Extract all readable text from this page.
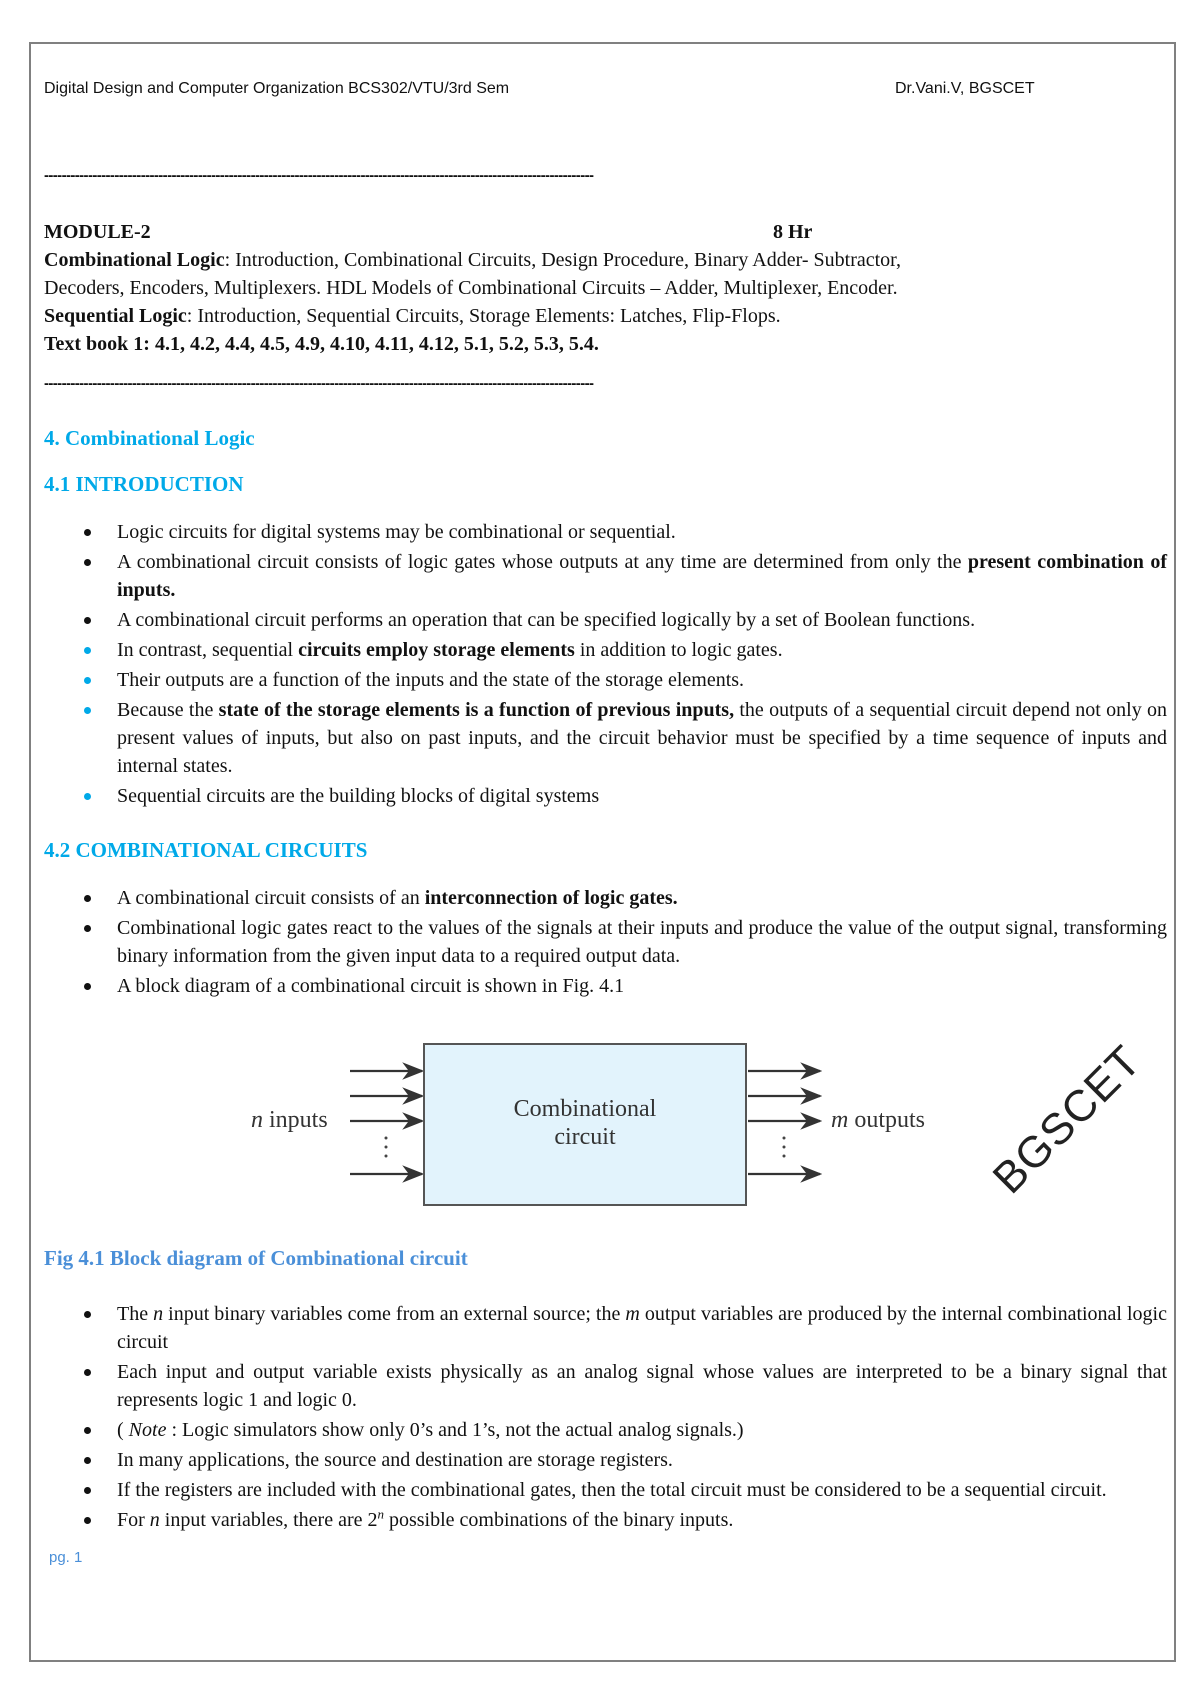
Digital Design and Computer Organization BCS302/VTU/3rd Sem	Dr.Vani.V, BGSCET
-----------------------------------------------------------------------------------------------------------------------------
MODULE-2	8 Hr
Combinational Logic: Introduction, Combinational Circuits, Design Procedure, Binary Adder- Subtractor,
Decoders, Encoders, Multiplexers. HDL Models of Combinational Circuits – Adder, Multiplexer, Encoder.
Sequential Logic: Introduction, Sequential Circuits, Storage Elements: Latches, Flip-Flops.
Text book 1: 4.1, 4.2, 4.4, 4.5, 4.9, 4.10, 4.11, 4.12, 5.1, 5.2, 5.3, 5.4.
-----------------------------------------------------------------------------------------------------------------------------
4. Combinational Logic
4.1 INTRODUCTION
Logic circuits for digital systems may be combinational or sequential.
A combinational circuit consists of logic gates whose outputs at any time are determined from only the present combination of inputs.
A combinational circuit performs an operation that can be specified logically by a set of Boolean functions.
In contrast, sequential circuits employ storage elements in addition to logic gates.
Their outputs are a function of the inputs and the state of the storage elements.
Because the state of the storage elements is a function of previous inputs, the outputs of a sequential circuit depend not only on present values of inputs, but also on past inputs, and the circuit behavior must be specified by a time sequence of inputs and internal states.
Sequential circuits are the building blocks of digital systems
4.2 COMBINATIONAL CIRCUITS
A combinational circuit consists of an interconnection of logic gates.
Combinational logic gates react to the values of the signals at their inputs and produce the value of the output signal, transforming binary information from the given input data to a required output data.
A block diagram of a combinational circuit is shown in Fig. 4.1
Combinational
circuit
n inputs	m outputs BGSCET
Fig 4.1 Block diagram of Combinational circuit
The n input binary variables come from an external source; the m output variables are produced by the internal combinational logic circuit
Each input and output variable exists physically as an analog signal whose values are interpreted to be a binary signal that represents logic 1 and logic 0.
( Note : Logic simulators show only 0’s and 1’s, not the actual analog signals.)
In many applications, the source and destination are storage registers.
If the registers are included with the combinational gates, then the total circuit must be considered to be a sequential circuit.
For n input variables, there are 2$^n$ possible combinations of the binary inputs.
pg. 1
